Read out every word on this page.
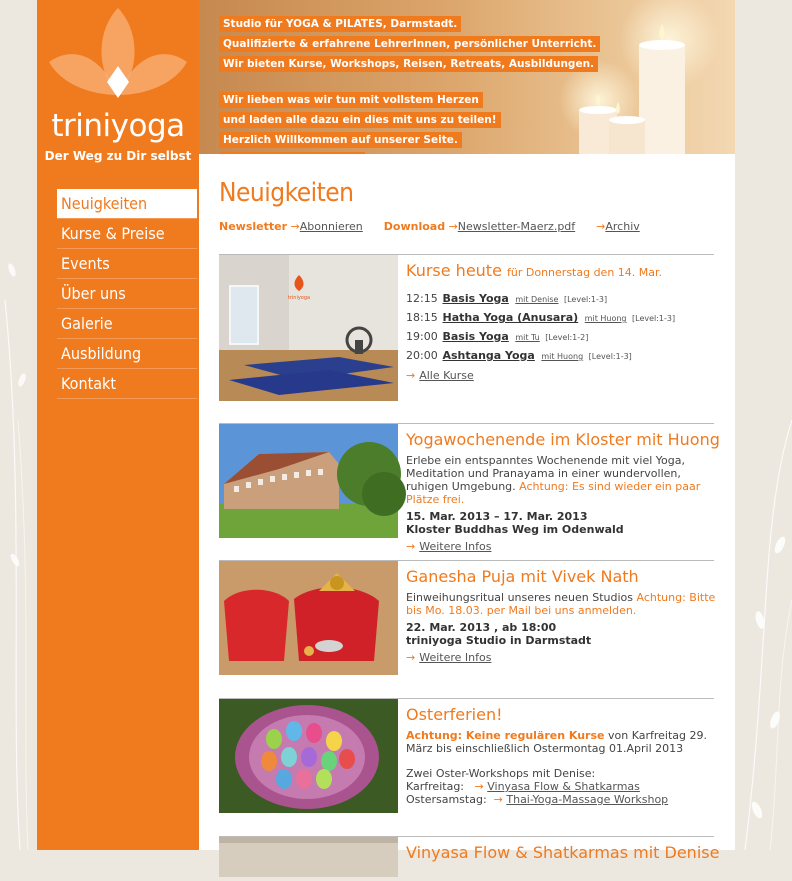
triniyoga
Der Weg zu Dir selbst
Neuigkeiten
Kurse & Preise
Events
Über uns
Galerie
Ausbildung
Kontakt
Studio für YOGA & PILATES, Darmstadt.
Qualifizierte & erfahrene LehrerInnen, persönlicher Unterricht.
Wir bieten Kurse, Workshops, Reisen, Retreats, Ausbildungen.
Wir lieben was wir tun mit vollstem Herzen
und laden alle dazu ein dies mit uns zu teilen!
Herzlich Willkommen auf unserer Seite.
Neuigkeiten
Newsletter →Abonnieren Download →Newsletter-Maerz.pdf →Archiv
triniyoga
Kurse heute für Donnerstag den 14. Mar.
12:15 Basis Yoga mit Denise [Level:1-3]
18:15 Hatha Yoga (Anusara) mit Huong [Level:1-3]
19:00 Basis Yoga mit Tu [Level:1-2]
20:00 Ashtanga Yoga mit Huong [Level:1-3]
→ Alle Kurse
Yogawochenende im Kloster mit Huong
Erlebe ein entspanntes Wochenende mit viel Yoga, Meditation und Pranayama in einer wundervollen, ruhigen Umgebung. Achtung: Es sind wieder ein paar Plätze frei.
15. Mar. 2013 – 17. Mar. 2013
Kloster Buddhas Weg im Odenwald
→ Weitere Infos
Ganesha Puja mit Vivek Nath
Einweihungsritual unseres neuen Studios Achtung: Bitte bis Mo. 18.03. per Mail bei uns anmelden.
22. Mar. 2013 , ab 18:00
triniyoga Studio in Darmstadt
→ Weitere Infos
Osterferien!
Achtung: Keine regulären Kurse von Karfreitag 29. März bis einschließlich Ostermontag 01.April 2013
Zwei Oster-Workshops mit Denise:
Karfreitag: → Vinyasa Flow & Shatkarmas
Ostersamstag: → Thai-Yoga-Massage Workshop
Vinyasa Flow & Shatkarmas mit Denise
